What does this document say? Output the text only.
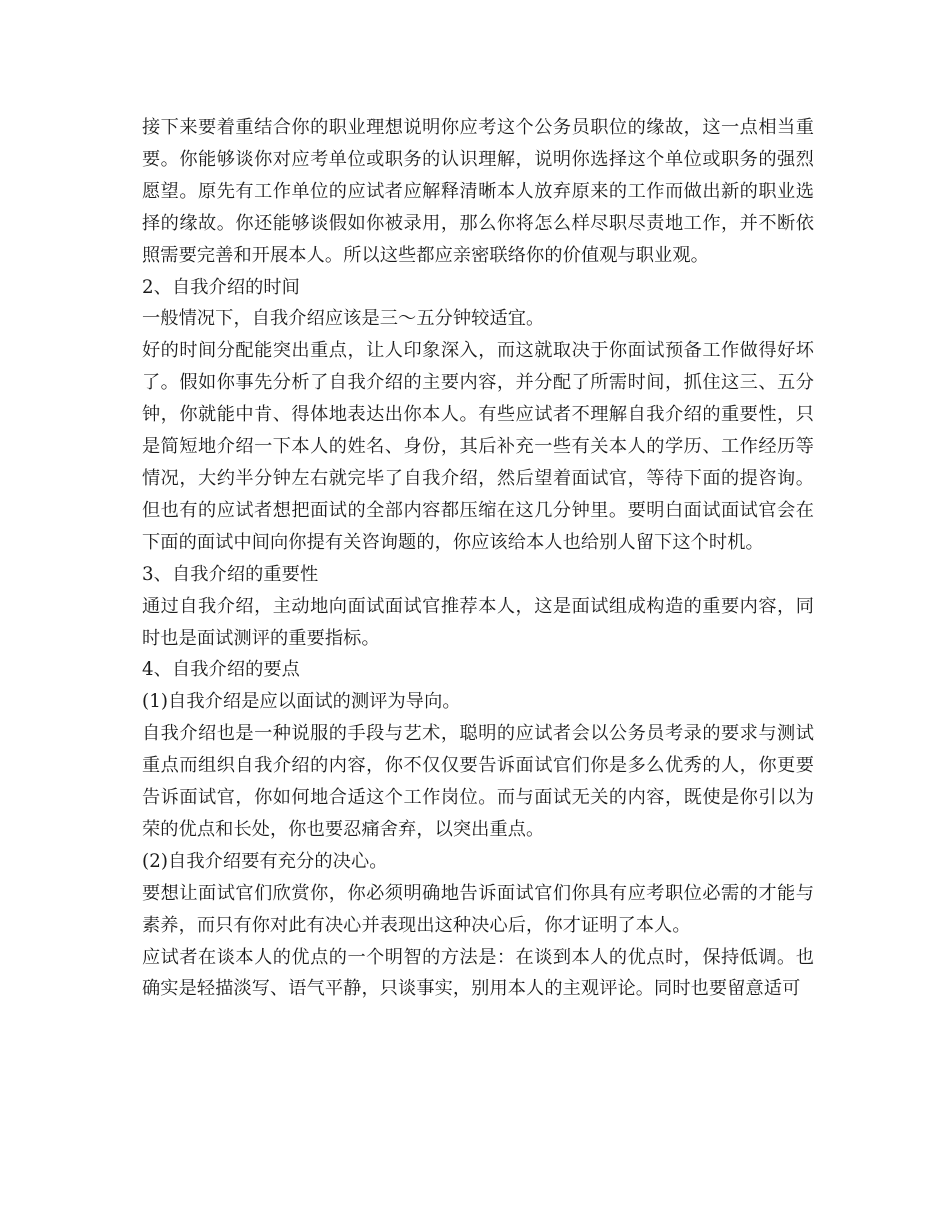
接下来要着重结合你的职业理想说明你应考这个公务员职位的缘故，这一点相当重要。你能够谈你对应考单位或职务的认识理解，说明你选择这个单位或职务的强烈愿望。原先有工作单位的应试者应解释清晰本人放弃原来的工作而做出新的职业选择的缘故。你还能够谈假如你被录用，那么你将怎么样尽职尽责地工作，并不断依照需要完善和开展本人。所以这些都应亲密联络你的价值观与职业观。

2、自我介绍的时间

一般情况下，自我介绍应该是三～五分钟较适宜。

好的时间分配能突出重点，让人印象深入，而这就取决于你面试预备工作做得好坏了。假如你事先分析了自我介绍的主要内容，并分配了所需时间，抓住这三、五分钟，你就能中肯、得体地表达出你本人。有些应试者不理解自我介绍的重要性，只是简短地介绍一下本人的姓名、身份，其后补充一些有关本人的学历、工作经历等情况，大约半分钟左右就完毕了自我介绍，然后望着面试官，等待下面的提咨询。但也有的应试者想把面试的全部内容都压缩在这几分钟里。要明白面试面试官会在下面的面试中间向你提有关咨询题的，你应该给本人也给别人留下这个时机。

3、自我介绍的重要性

通过自我介绍，主动地向面试面试官推荐本人，这是面试组成构造的重要内容，同时也是面试测评的重要指标。

4、自我介绍的要点

(1)自我介绍是应以面试的测评为导向。

自我介绍也是一种说服的手段与艺术，聪明的应试者会以公务员考录的要求与测试重点而组织自我介绍的内容，你不仅仅要告诉面试官们你是多么优秀的人，你更要告诉面试官，你如何地合适这个工作岗位。而与面试无关的内容，既使是你引以为荣的优点和长处，你也要忍痛舍弃，以突出重点。

(2)自我介绍要有充分的决心。

要想让面试官们欣赏你，你必须明确地告诉面试官们你具有应考职位必需的才能与素养，而只有你对此有决心并表现出这种决心后，你才证明了本人。

应试者在谈本人的优点的一个明智的方法是：在谈到本人的优点时，保持低调。也确实是轻描淡写、语气平静，只谈事实，别用本人的主观评论。同时也要留意适可
